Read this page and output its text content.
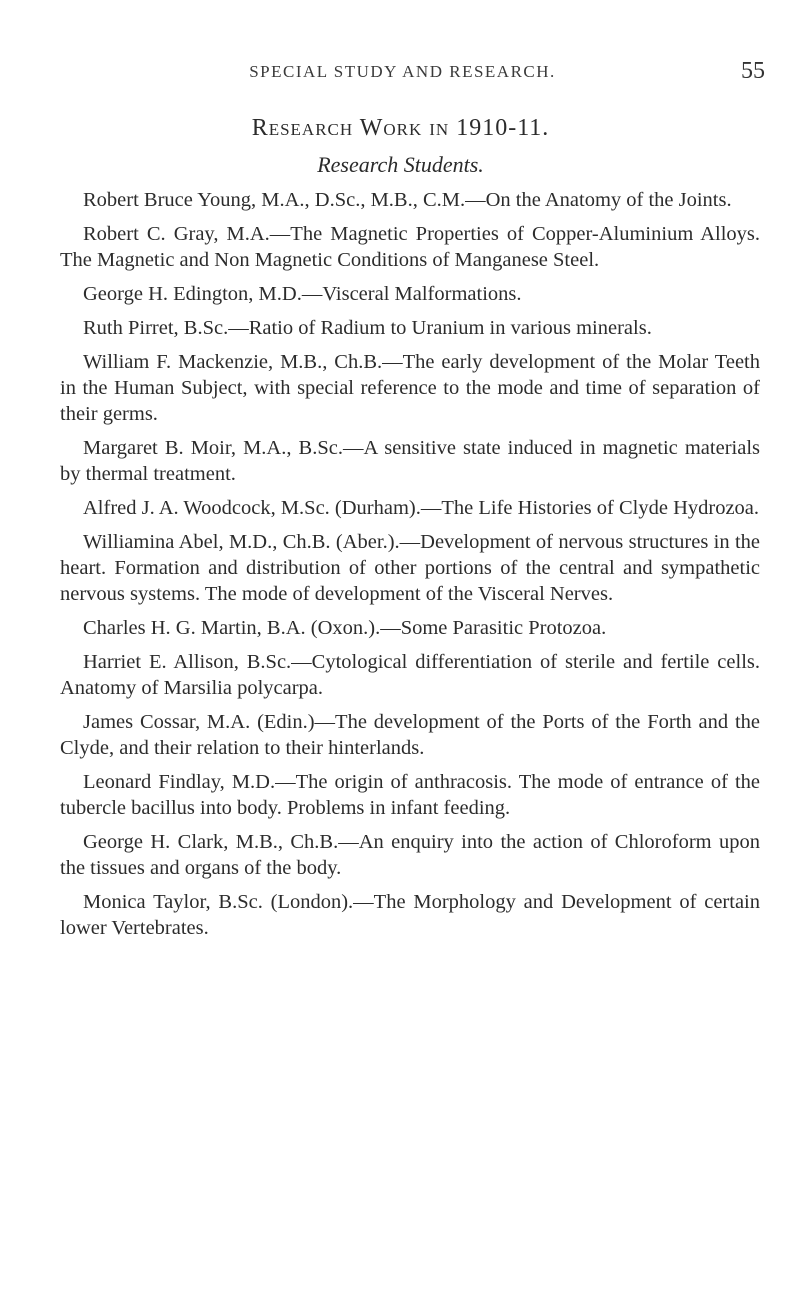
SPECIAL STUDY AND RESEARCH.	55
Research Work in 1910-11.
Research Students.

Robert Bruce Young, M.A., D.Sc., M.B., C.M.—On the Anatomy of the Joints.

Robert C. Gray, M.A.—The Magnetic Properties of Copper-Aluminium Alloys. The Magnetic and Non Magnetic Conditions of Manganese Steel.

George H. Edington, M.D.—Visceral Malformations.

Ruth Pirret, B.Sc.—Ratio of Radium to Uranium in various minerals.

William F. Mackenzie, M.B., Ch.B.—The early development of the Molar Teeth in the Human Subject, with special reference to the mode and time of separation of their germs.

Margaret B. Moir, M.A., B.Sc.—A sensitive state induced in magnetic materials by thermal treatment.

Alfred J. A. Woodcock, M.Sc. (Durham).—The Life Histories of Clyde Hydrozoa.

Williamina Abel, M.D., Ch.B. (Aber.).—Development of nervous structures in the heart. Formation and distribution of other portions of the central and sympathetic nervous systems. The mode of development of the Visceral Nerves.

Charles H. G. Martin, B.A. (Oxon.).—Some Parasitic Protozoa.

Harriet E. Allison, B.Sc.—Cytological differentiation of sterile and fertile cells. Anatomy of Marsilia polycarpa.

James Cossar, M.A. (Edin.)—The development of the Ports of the Forth and the Clyde, and their relation to their hinterlands.

Leonard Findlay, M.D.—The origin of anthracosis. The mode of entrance of the tubercle bacillus into body. Problems in infant feeding.

George H. Clark, M.B., Ch.B.—An enquiry into the action of Chloroform upon the tissues and organs of the body.

Monica Taylor, B.Sc. (London).—The Morphology and Development of certain lower Vertebrates.
